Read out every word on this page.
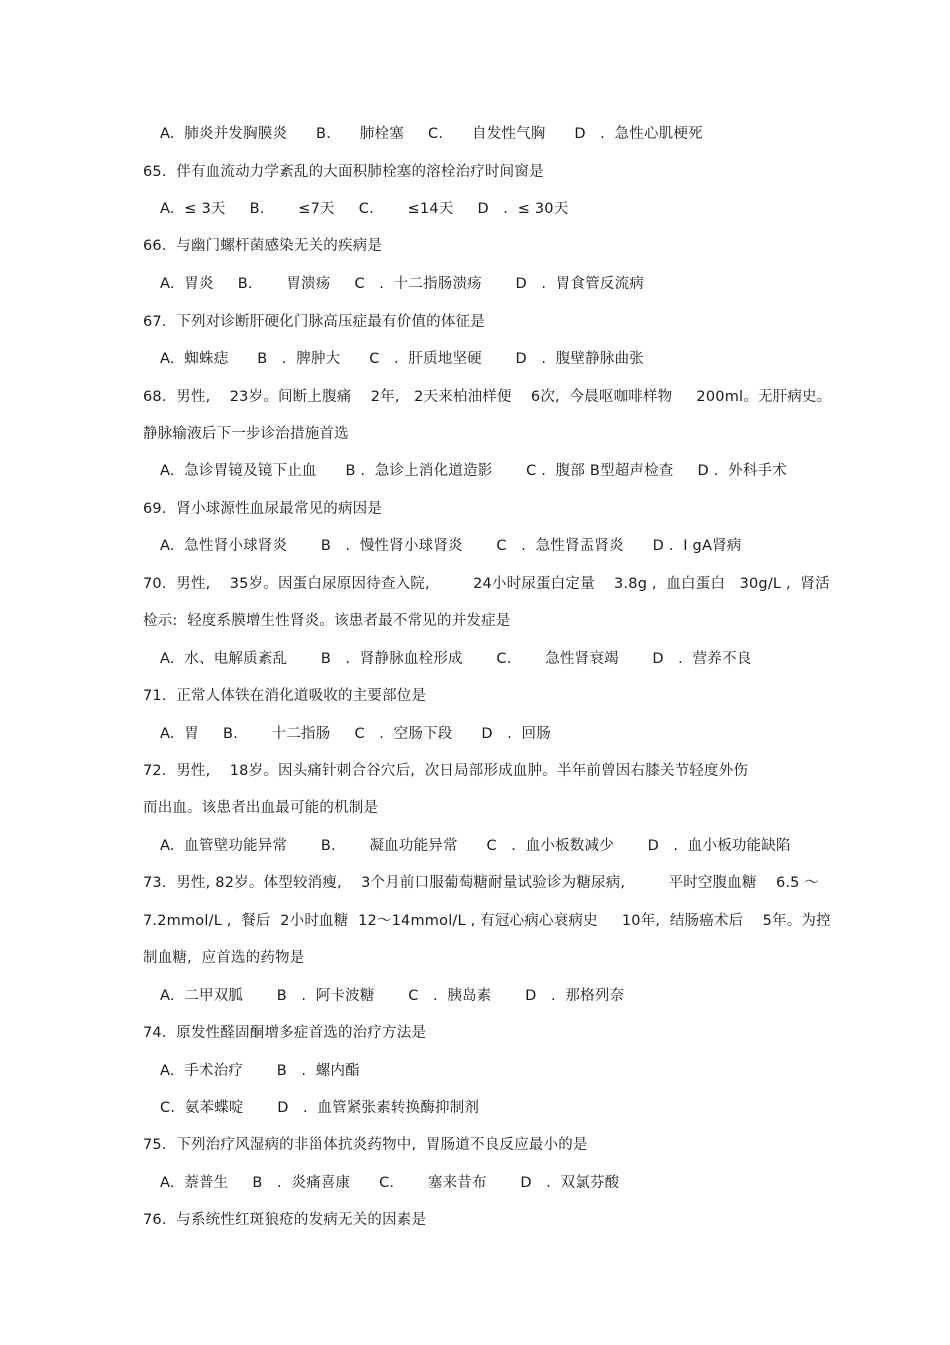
A.  肺炎并发胸膜炎      B.      肺栓塞     C.      自发性气胸      D   .  急性心肌梗死
65.  伴有血流动力学紊乱的大面积肺栓塞的溶栓治疗时间窗是
A.  ≤ 3天     B.       ≤7天     C.       ≤14天     D   .  ≤ 30天
66.  与幽门螺杆菌感染无关的疾病是
A.  胃炎     B.       胃溃疡     C   .  十二指肠溃疡       D   .  胃食管反流病
67.  下列对诊断肝硬化门脉高压症最有价值的体征是
A.  蜘蛛痣      B   .  脾肿大      C   .  肝质地坚硬       D   .  腹壁静脉曲张
68.  男性,    23岁。间断上腹痛    2年,   2天来柏油样便    6次,  今晨呕咖啡样物     200ml。无肝病史。
静脉输液后下一步诊治措施首选
A.  急诊胃镜及镜下止血      B .  急诊上消化道造影       C .  腹部 B型超声检查     D .  外科手术
69.  肾小球源性血尿最常见的病因是
A.  急性肾小球肾炎       B   .  慢性肾小球肾炎       C   .  急性肾盂肾炎      D .  Ⅰ gA肾病
70.  男性,    35岁。因蛋白尿原因待查入院,         24小时尿蛋白定量    3.8g ,  血白蛋白   30g/L ,  肾活
检示:  轻度系膜增生性肾炎。该患者最不常见的并发症是
A.  水、电解质紊乱       B   .  肾静脉血栓形成       C.       急性肾衰竭       D   .  营养不良
71.  正常人体铁在消化道吸收的主要部位是
A.  胃     B.       十二指肠     C   .  空肠下段      D   .  回肠
72.  男性,    18岁。因头痛针刺合谷穴后,  次日局部形成血肿。半年前曾因右膝关节轻度外伤
而出血。该患者出血最可能的机制是
A.  血管壁功能异常       B.       凝血功能异常      C   .  血小板数减少       D   .  血小板功能缺陷
73.  男性, 82岁。体型较消瘦,    3个月前口服葡萄糖耐量试验诊为糖尿病,         平时空腹血糖    6.5 ～
7.2mmol/L ,  餐后  2小时血糖  12～14mmol/L , 有冠心病心衰病史     10年,  结肠癌术后    5年。为控
制血糖,  应首选的药物是
A.  二甲双胍       B   .  阿卡波糖       C   .  胰岛素       D   .  那格列奈
74.  原发性醛固酮增多症首选的治疗方法是
A.  手术治疗       B   .  螺内酯
C.  氨苯蝶啶       D   .  血管紧张素转换酶抑制剂
75.  下列治疗风湿病的非甾体抗炎药物中,  胃肠道不良反应最小的是
A.  萘普生     B   .  炎痛喜康      C.       塞来昔布       D   .  双氯芬酸
76.  与系统性红斑狼疮的发病无关的因素是
